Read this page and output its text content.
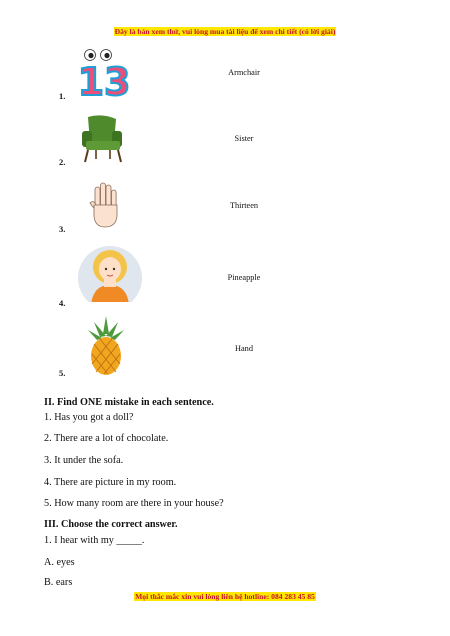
Đây là bản xem thử, vui lòng mua tài liệu để xem chi tiết (có lời giải)
13
1.
Armchair
2.
Sister
3.
Thirteen
4.
Pineapple
5.
Hand
II. Find ONE mistake in each sentence.
1. Has you got a doll?
2. There are a lot of chocolate.
3. It under the sofa.
4. There are picture in my room.
5. How many room are there in your house?
III. Choose the correct answer.
1. I hear with my _____.
A. eyes
B. ears
Mọi thắc mắc xin vui lòng liên hệ hotline: 084 283 45 85
